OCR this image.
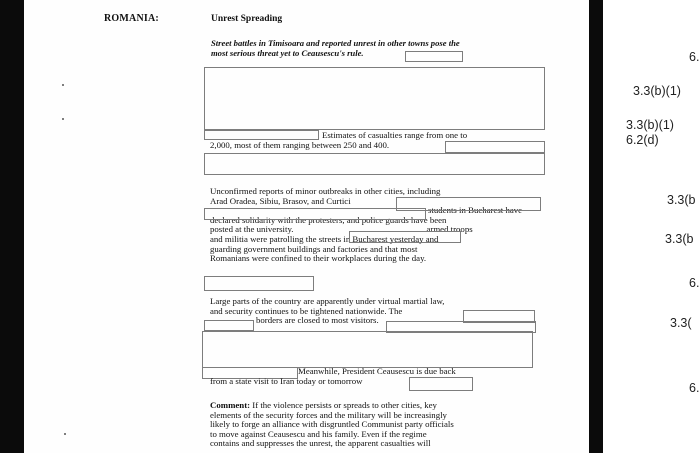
ROMANIA:	Unrest Spreading
Street battles in Timisoara and reported unrest in other towns pose the
most serious threat yet to Ceausescu's rule.
Estimates of casualties range from one to
2,000, most of them ranging between 250 and 400.
Unconfirmed reports of minor outbreaks in other cities, including
Arad Oradea, Sibiu, Brasov, and Curtici
students in Bucharest have
declared solidarity with the protesters, and police guards have been
posted at the university.	armed troops
and militia were patrolling the streets in Bucharest yesterday and
guarding government buildings and factories and that most
Romanians were confined to their workplaces during the day.
Large parts of the country are apparently under virtual martial law,
and security continues to be tightened nationwide. The
borders are closed to most visitors.
Meanwhile, President Ceausescu is due back
from a state visit to Iran today or tomorrow
Comment: If the violence persists or spreads to other cities, key
elements of the security forces and the military will be increasingly
likely to forge an alliance with disgruntled Communist party officials
to move against Ceausescu and his family. Even if the regime
contains and suppresses the unrest, the apparent casualties will
6.
3.3(b)(1)
3.3(b)(1)
6.2(d)
3.3(b
3.3(b
6.
3.3(
6.
